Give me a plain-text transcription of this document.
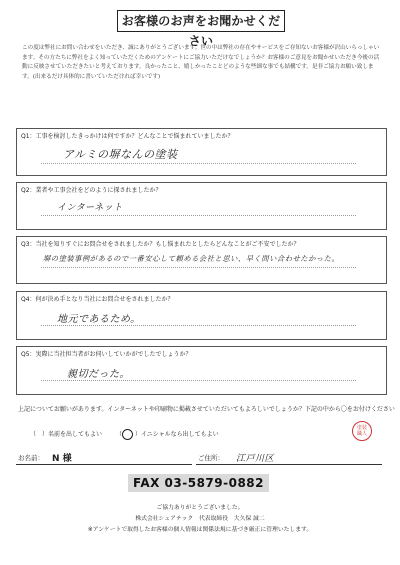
お客様のお声をお聞かせください
この度は弊社にお問い合わせをいただき、誠にありがとうございます。世の中は弊社の存在やサービスをご存知ないお客様が沢山いらっしゃいます。その方たちに弊社をよく知っていただくためのアンケートにご協力いただけなでしょうか？お客様のご意見をお聞かせいただき今後の活動に反映させていただきたいと考えております。良かったこと、嬉しかったことどのような些細な事でも結構です。是非ご協力お願い致します。(出来るだけ具体的に書いていただければ幸いです)
Q1：工事を検討したきっかけは何ですか？どんなことで悩まれていましたか？
アルミの塀なんの塗装
Q2：業者や工事会社をどのように探されましたか？
インターネット
Q3：当社を知りすぐにお問合せをされましたか？もし悩まれたとしたらどんなことがご不安でしたか？
塀の塗装事例があるので一番安心して頼める会社と思い、早く問い合わせたかった。
Q4：何が決め手となり当社にお問合せをされましたか？
地元であるため。
Q5：実際に当社担当者がお伺いしていかがでしたでしょうか？
親切だった。
上記についてお願いがあります。インターネットや印刷物に掲載させていただいてもよろしいでしょうか？下記の中から〇をお付けください
（　）名前を出してもよい （ ）イニシャルなら出してもよい
塗装
職人
お名前： N 様	ご住所： 江戸川区
FAX 03-5879-0882
ご協力ありがとうございました。
株式会社シェアテック　代表取締役　大久保 誠二
※アンケートで取得したお客様の個人情報は関係法規に基づき厳正に管理いたします。
